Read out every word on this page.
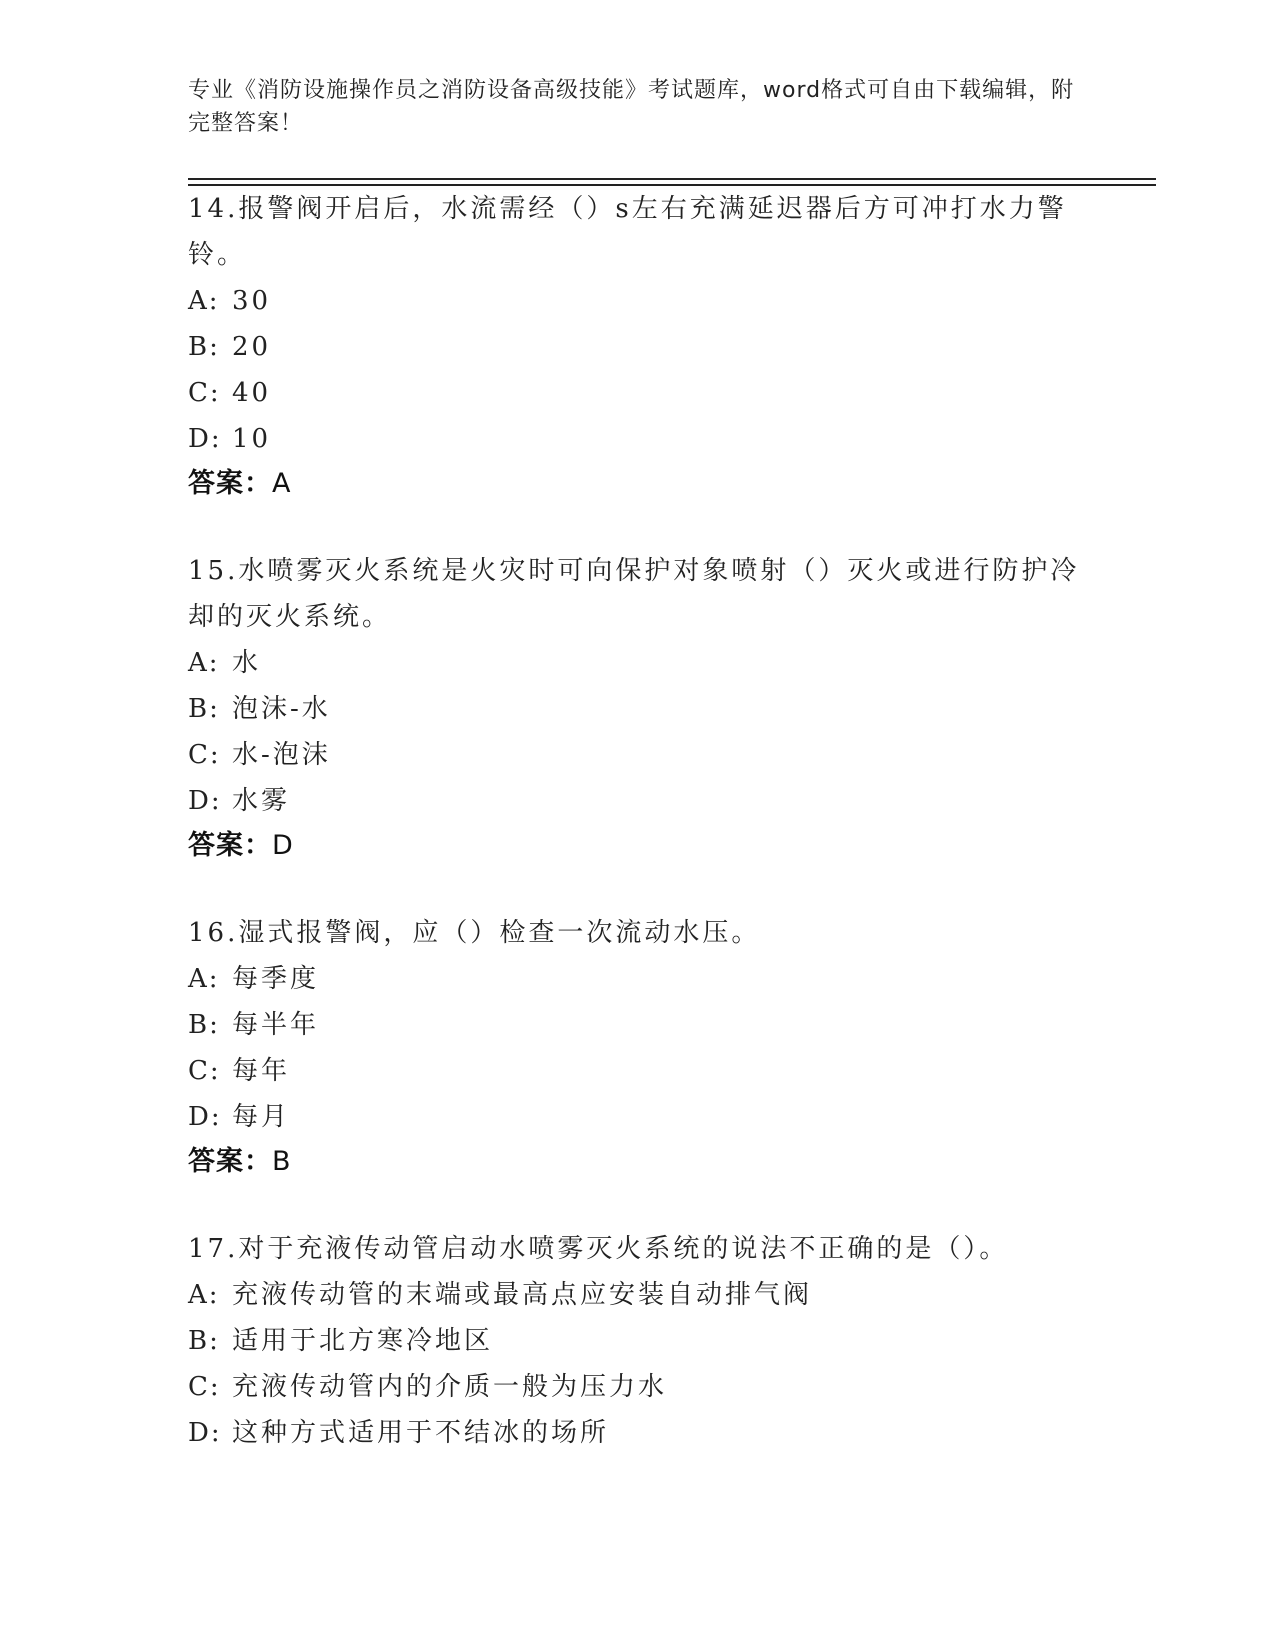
专业《消防设施操作员之消防设备高级技能》考试题库，word格式可自由下载编辑，附完整答案！

14.报警阀开启后，水流需经（）s左右充满延迟器后方可冲打水力警铃。

A: 30
B: 20
C: 40
D: 10
答案：A

15.水喷雾灭火系统是火灾时可向保护对象喷射（）灭火或进行防护冷却的灭火系统。

A: 水
B: 泡沫-水
C: 水-泡沫
D: 水雾
答案：D

16.湿式报警阀，应（）检查一次流动水压。

A: 每季度
B: 每半年
C: 每年
D: 每月
答案：B

17.对于充液传动管启动水喷雾灭火系统的说法不正确的是（）。

A: 充液传动管的末端或最高点应安装自动排气阀
B: 适用于北方寒冷地区
C: 充液传动管内的介质一般为压力水
D: 这种方式适用于不结冰的场所
